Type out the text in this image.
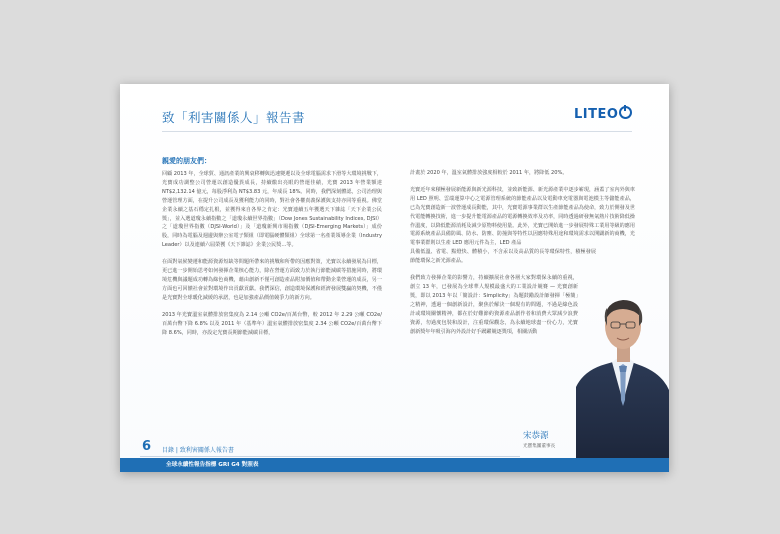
致「利害關係人」報告書	LITEO
親愛的朋友們：

回顧 2013 年，全球貿、通訊產業的興衰移轉與迅速變遷以及全球電腦需求下滑等大環境挑戰下，光寶成功調整公司營運以創造優異成長，持續繳出亮眼的營運佳績，光寶 2013 年營業額達 NT$2,132.14 億元，每股淨利為 NT$3.83 元，年成長 18%。同時，我們深刻體認，公司治理與營運管理方面，在提升公司成長及獲利能力的同時，對社會各權責義保護與支持亦同等重視。佛堂企業永續之基石穩定扎根，並獲得來自各界之肯定：光寶連續五年獲選天下雜誌「天下企業公民獎」，並入選道瓊永續指數之「道瓊永續世界指數」（Dow Jones Sustainability Indices, DJSI）之「道瓊世界指數（DJSI-World）」及「道瓊新興市場指數（DJSI-Emerging Markets）」成份股，同時為電腦及週邊與辦公室電子類組（即電腦硬體類組）全球第一名產業領導企業（Industry Leader）以及連續六屆榮獲《天下雜誌》企業公民獎…等。

在面對氣候變遷和能源資源短缺等問題所帶來的挑戰和所帶的因應對策，光寶以永續發展為目標，更已進一步開始思考如何發揮企業核心能力，除在營運方面致力於執行節能減碳等措施同時，將環境危機與議題成功轉為綠色商機，藉由創新不僅可創造產品附加價值和帶動企業營運的成長，另一方面也可回饋社會並對環境作出貢獻貢獻。我們深信，創造環境保護和經濟發展雙贏的契機，不僅是光寶對全球暖化減緩的承諾，也是加強產品價值競爭力的新方向。

2013 年光寶溫室氣體排放密集度為 2.14 公噸 CO2e/百萬台幣，較 2012 年 2.29 公噸 CO2e/百萬台幣下降 6.8% 以及 2011 年（基準年）溫室氣體排放密集度 2.34 公噸 CO2e/百萬台幣下降 8.6%，同時，亦設定光寶長期節能減碳目標，

計畫於 2020 年，溫室氣體排放強度相較於 2011 年，將降低 20%。

光寶近年來積極發展新能源與新光源科技，並致新能源、新光源產業中逐步嶄現，涵蓋了室內外與車用 LED 照明、雲端運算中心之電源管理系統的節能產品以及電動車充電器與電池模主等儲能產品，已為光寶創造新一波營運成長動能，其中，光寶電源事業群以生產節能產品為使命，致力於開發及世代電能轉換技術，進一步提升能電源產品的電源轉換效率及功率，同時透過研發無氣熱片技術降低操作溫度，以降低能源消耗及減少原物料使用量。此外，光寶已開始進一步發展特殊工業用等級的應用電源系統產品具備防風、防水、防塵、防撞與等特性以因應特殊用途和環境需求以開闢新的商機，光電事業群則以生產 LED 應用元件為主，LED 產品

具備低溫、省電、點燈快、體積小，不含汞以及高品質的長等環保特性，積極發展節能環保之新光源產品。

我們致力發揮企業的影響力，持續擴展社會各層大家對環保永續的重視，創立 13 年，已發展為全球華人規模最盛大的工業設計競賽 — 光寶創新獎，即以 2013 年以「簡設計：Simplicity」為題鼓勵設計師發揮「極簡」之精神，透過一個創新設計，聚焦於解決一個現有的問題，不過是綠色設計或環境關懷精神，都在於好難節約資源產品創作者和消費大眾減少浪費資源，勿過度包裝和設計，注重環保觀念，為永續地球盡一份心力，光寶創新獎年年吸引海內外設計好手踴躍競逐獎項，相關活動

宋恭源
光寶集團董事長
6 目錄 | 致利害關係人報告書
全球永續性報告指標 GRI G4 對照表
